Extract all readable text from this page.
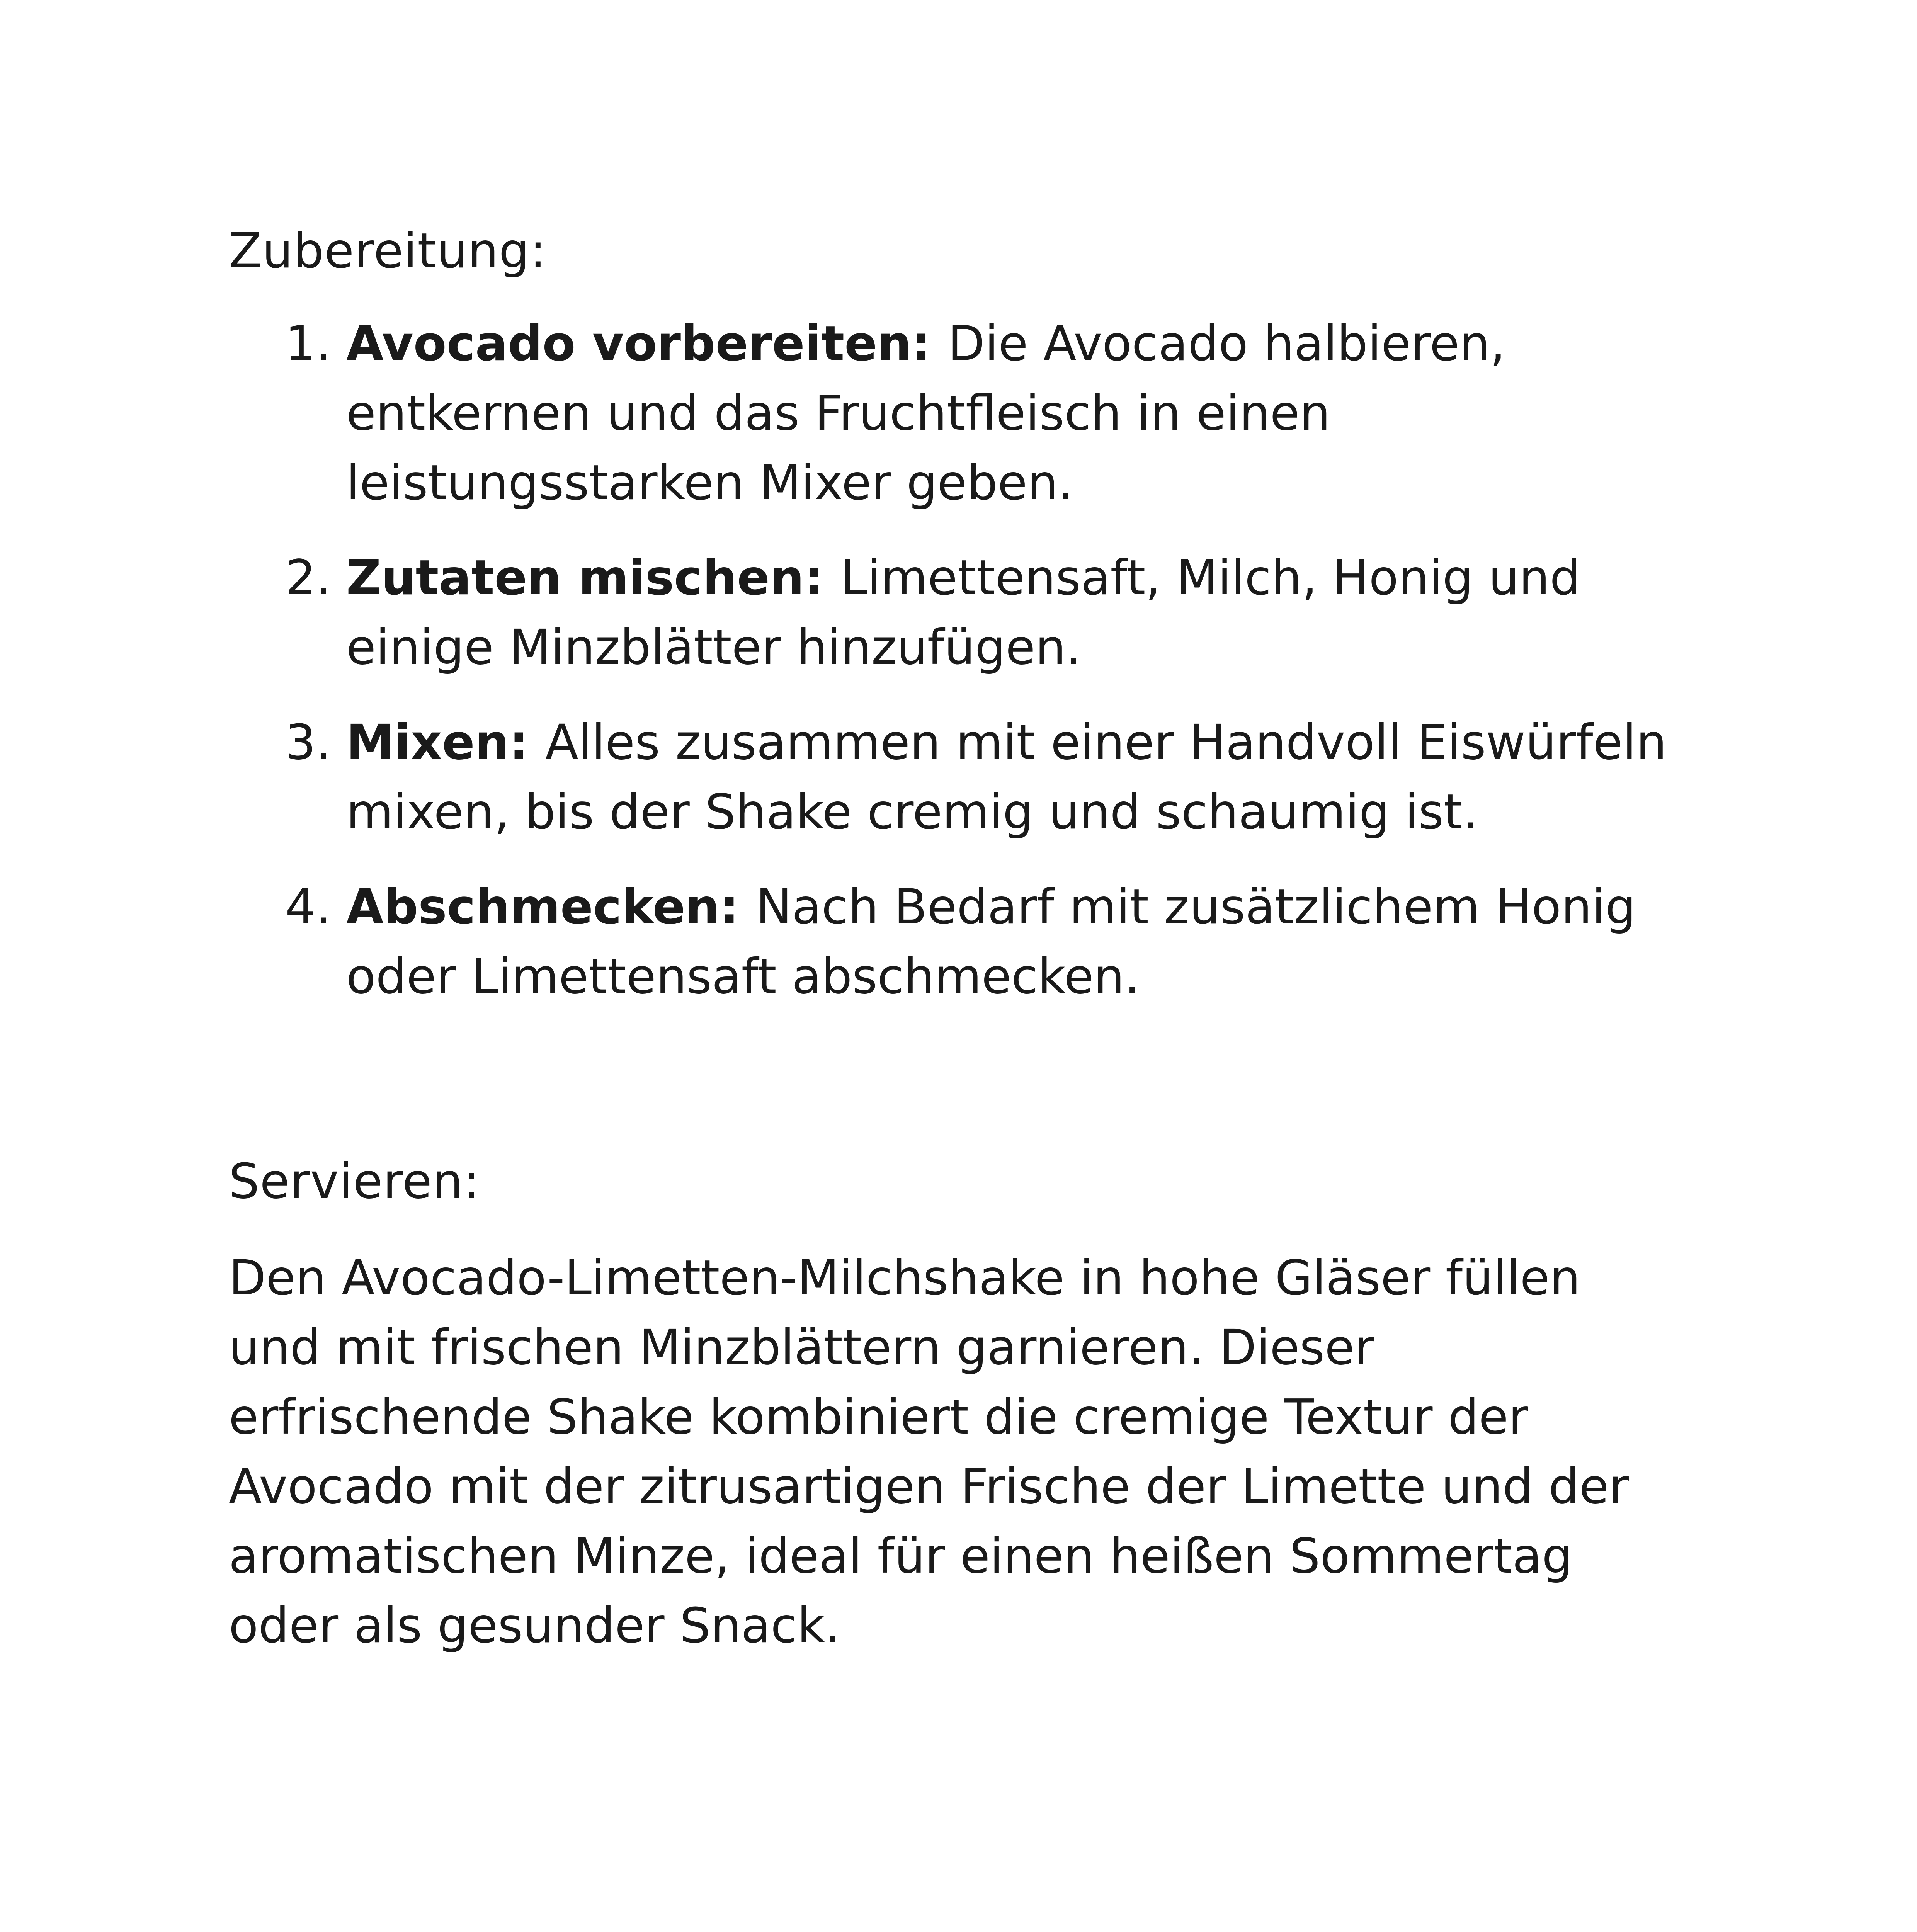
Zubereitung:
1. Avocado vorbereiten: Die Avocado halbieren, entkernen und das Fruchtfleisch in einen leistungsstarken Mixer geben.
2. Zutaten mischen: Limettensaft, Milch, Honig und einige Minzblätter hinzufügen.
3. Mixen: Alles zusammen mit einer Handvoll Eiswürfeln mixen, bis der Shake cremig und schaumig ist.
4. Abschmecken: Nach Bedarf mit zusätzlichem Honig oder Limettensaft abschmecken.
Servieren:

Den Avocado-Limetten-Milchshake in hohe Gläser füllen und mit frischen Minzblättern garnieren. Dieser erfrischende Shake kombiniert die cremige Textur der Avocado mit der zitrusartigen Frische der Limette und der aromatischen Minze, ideal für einen heißen Sommertag oder als gesunder Snack.
